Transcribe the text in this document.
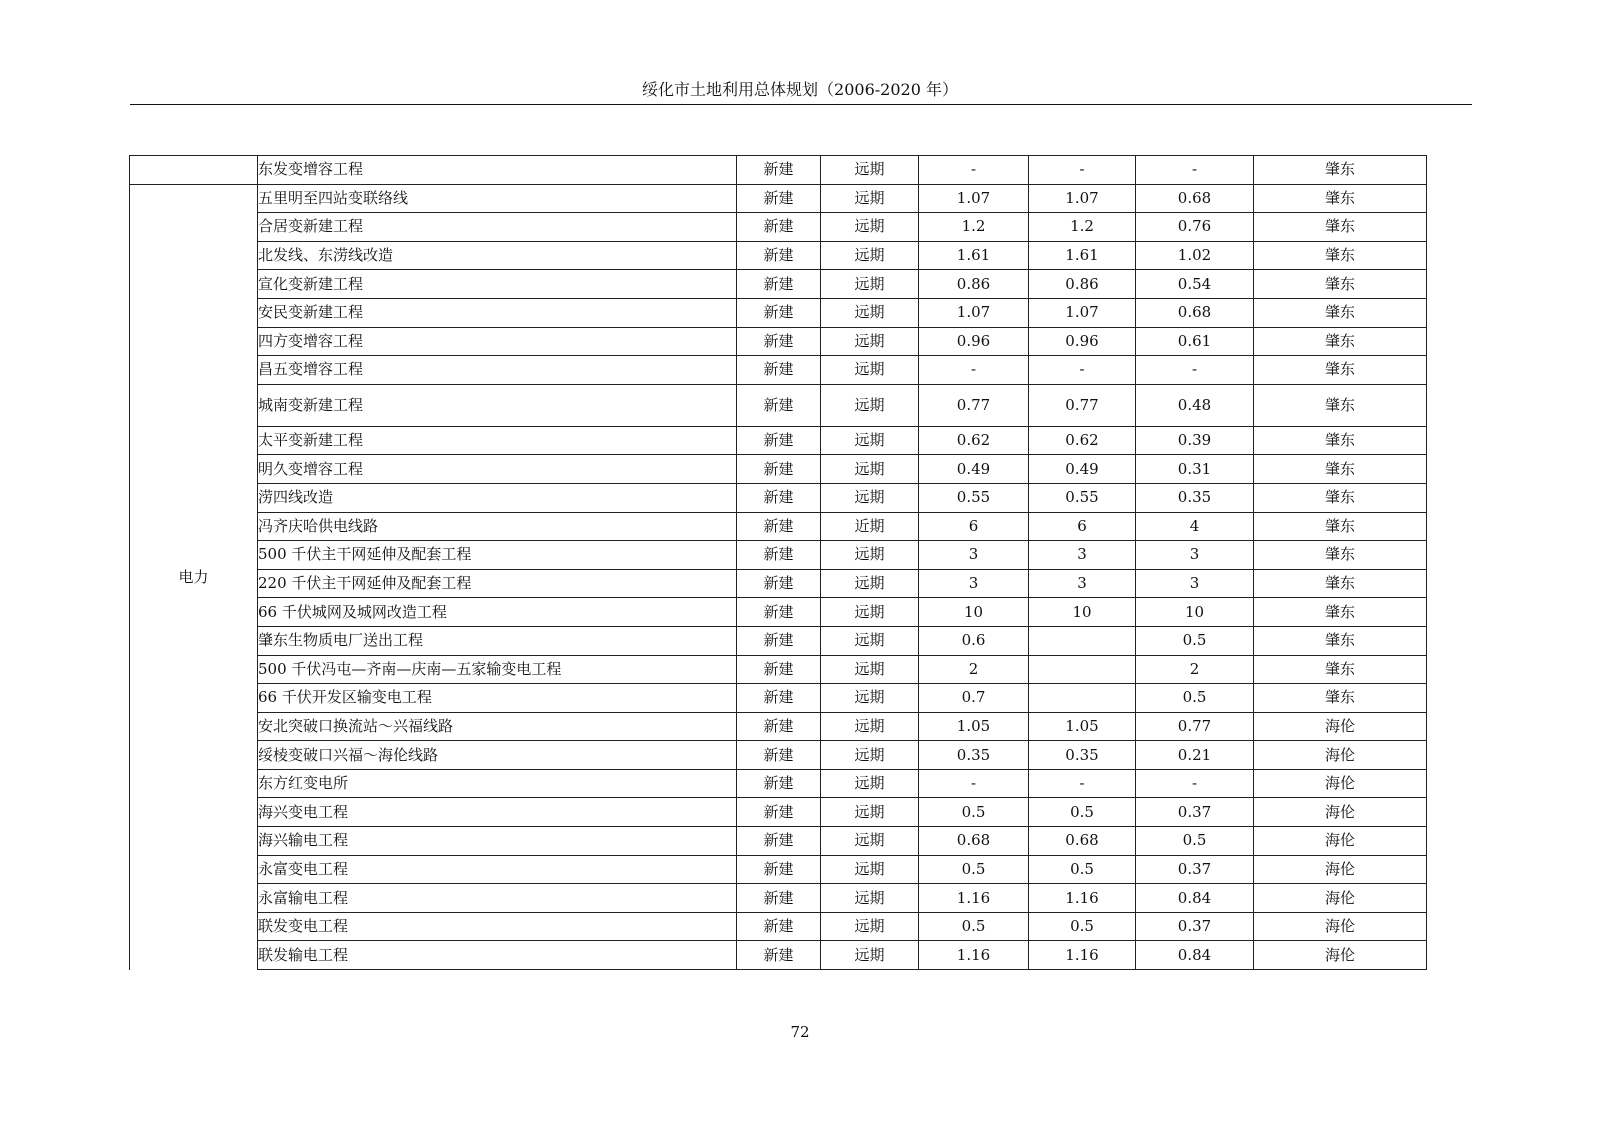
绥化市土地利用总体规划（2006-2020 年）
	东发变增容工程	新建	远期	-	-	-	肇东
电力	五里明至四站变联络线	新建	远期	1.07	1.07	0.68	肇东
	合居变新建工程	新建	远期	1.2	1.2	0.76	肇东
	北发线、东涝线改造	新建	远期	1.61	1.61	1.02	肇东
	宣化变新建工程	新建	远期	0.86	0.86	0.54	肇东
	安民变新建工程	新建	远期	1.07	1.07	0.68	肇东
	四方变增容工程	新建	远期	0.96	0.96	0.61	肇东
	昌五变增容工程	新建	远期	-	-	-	肇东
	城南变新建工程	新建	远期	0.77	0.77	0.48	肇东
	太平变新建工程	新建	远期	0.62	0.62	0.39	肇东
	明久变增容工程	新建	远期	0.49	0.49	0.31	肇东
	涝四线改造	新建	远期	0.55	0.55	0.35	肇东
	冯齐庆哈供电线路	新建	近期	6	6	4	肇东
	500 千伏主干网延伸及配套工程	新建	远期	3	3	3	肇东
	220 千伏主干网延伸及配套工程	新建	远期	3	3	3	肇东
	66 千伏城网及城网改造工程	新建	远期	10	10	10	肇东
	肇东生物质电厂送出工程	新建	远期	0.6		0.5	肇东
	500 千伏冯屯—齐南—庆南—五家输变电工程	新建	远期	2		2	肇东
	66 千伏开发区输变电工程	新建	远期	0.7		0.5	肇东
	安北突破口换流站～兴福线路	新建	远期	1.05	1.05	0.77	海伦
	绥棱变破口兴福～海伦线路	新建	远期	0.35	0.35	0.21	海伦
	东方红变电所	新建	远期	-	-	-	海伦
	海兴变电工程	新建	远期	0.5	0.5	0.37	海伦
	海兴输电工程	新建	远期	0.68	0.68	0.5	海伦
	永富变电工程	新建	远期	0.5	0.5	0.37	海伦
	永富输电工程	新建	远期	1.16	1.16	0.84	海伦
	联发变电工程	新建	远期	0.5	0.5	0.37	海伦
	联发输电工程	新建	远期	1.16	1.16	0.84	海伦
72
